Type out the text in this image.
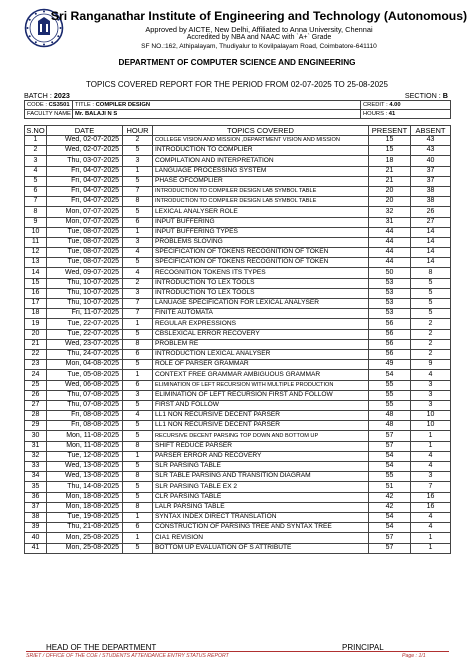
Sri Ranganathar Institute of Engineering and Technology (Autonomous)
Approved by AICTE, New Delhi, Affiliated to Anna University, Chennai
Accredited by NBA and NAAC with `A+` Grade
SF NO.:162, Athipalayam, Thudiyalur to Kovilpalayam Road, Coimbatore-641110
DEPARTMENT OF COMPUTER SCIENCE AND ENGINEERING
TOPICS COVERED REPORT FOR THE PERIOD FROM 02-07-2025 TO 25-08-2025
BATCH : 2023	SECTION : B
CODE : CS3501	TITLE : COMPILER DESIGN	CREDIT : 4.00
FACULTY NAME	Mr. BALAJI N S	HOURS : 41
S.NO	DATE	HOUR	TOPICS COVERED	PRESENT	ABSENT
1	Wed, 02-07-2025	2	COLLEGE VISION AND MISSION ,DEPARTMENT VISION AND MISSION	15	43
2	Wed, 02-07-2025	5	INTRODUCTION TO COMPLIER	15	43
3	Thu, 03-07-2025	3	COMPILATION AND INTERPRETATION	18	40
4	Fri, 04-07-2025	1	LANGUAGE PROCESSING SYSTEM	21	37
5	Fri, 04-07-2025	5	PHASE OFCOMPLIER	21	37
6	Fri, 04-07-2025	7	INTRODUCTION TO COMPILER DESIGN LAB SYMBOL TABLE	20	38
7	Fri, 04-07-2025	8	INTRODUCTION TO COMPILER DESIGN LAB SYMBOL TABLE	20	38
8	Mon, 07-07-2025	5	LEXICAL ANALYSER ROLE	32	26
9	Mon, 07-07-2025	6	INPUT BUFFERING	31	27
10	Tue, 08-07-2025	1	INPUT BUFFERING TYPES	44	14
11	Tue, 08-07-2025	3	PROBLEMS SLOVING	44	14
12	Tue, 08-07-2025	4	SPECIFICATION OF TOKENS RECOGNITION OF TOKEN	44	14
13	Tue, 08-07-2025	5	SPECIFICATION OF TOKENS RECOGNITION OF TOKEN	44	14
14	Wed, 09-07-2025	4	RECOGNITION TOKENS ITS TYPES	50	8
15	Thu, 10-07-2025	2	INTRODUCTION TO LEX TOOLS	53	5
16	Thu, 10-07-2025	3	INTRODUCTION TO LEX TOOLS	53	5
17	Thu, 10-07-2025	7	LANUAGE SPECIFICATION FOR LEXICAL ANALYSER	53	5
18	Fri, 11-07-2025	7	FINITE AUTOMATA	53	5
19	Tue, 22-07-2025	1	REGULAR EXPRESSIONS	56	2
20	Tue, 22-07-2025	5	CBSLEXICAL ERROR RECOVERY	56	2
21	Wed, 23-07-2025	8	PROBLEM RE	56	2
22	Thu, 24-07-2025	6	INTRODUCTION LEXICAL ANALYSER	56	2
23	Mon, 04-08-2025	5	ROLE OF PARSER GRAMMAR	49	9
24	Tue, 05-08-2025	1	CONTEXT FREE GRAMMAR AMBIGUOUS GRAMMAR	54	4
25	Wed, 06-08-2025	6	ELIMINATION OF LEFT RECURSION WITH MULTIPLE PRODUCTION	55	3
26	Thu, 07-08-2025	3	ELIMINATION OF LEFT RECURSION FIRST AND FOLLOW	55	3
27	Thu, 07-08-2025	5	FIRST AND FOLLOW	55	3
28	Fri, 08-08-2025	4	LL1 NON RECURSIVE DECENT PARSER	48	10
29	Fri, 08-08-2025	5	LL1 NON RECURSIVE DECENT PARSER	48	10
30	Mon, 11-08-2025	5	RECURSIVE DECENT PARSING TOP DOWN AND BOTTOM UP	57	1
31	Mon, 11-08-2025	8	SHIFT REDUCE PARSER	57	1
32	Tue, 12-08-2025	1	PARSER ERROR AND RECOVERY	54	4
33	Wed, 13-08-2025	5	SLR PARSING TABLE	54	4
34	Wed, 13-08-2025	8	SLR TABLE PARSING AND TRANSITION DIAGRAM	55	3
35	Thu, 14-08-2025	5	SLR PARSING TABLE EX 2	51	7
36	Mon, 18-08-2025	5	CLR PARSING TABLE	42	16
37	Mon, 18-08-2025	8	LALR PARSING TABLE	42	16
38	Tue, 19-08-2025	1	SYNTAX INDEX DIRECT TRANSLATION	54	4
39	Thu, 21-08-2025	6	CONSTRUCTION OF PARSING TREE AND SYNTAX TREE	54	4
40	Mon, 25-08-2025	1	CIA1 REVISION	57	1
41	Mon, 25-08-2025	5	BOTTOM UP EVALUATION OF S ATTRIBUTE	57	1
HEAD OF THE DEPARTMENT	PRINCIPAL
SRIET / OFFICE OF THE COE / STUDENTS ATTENDANCE ENTRY STATUS REPORT	Page : 1/1
